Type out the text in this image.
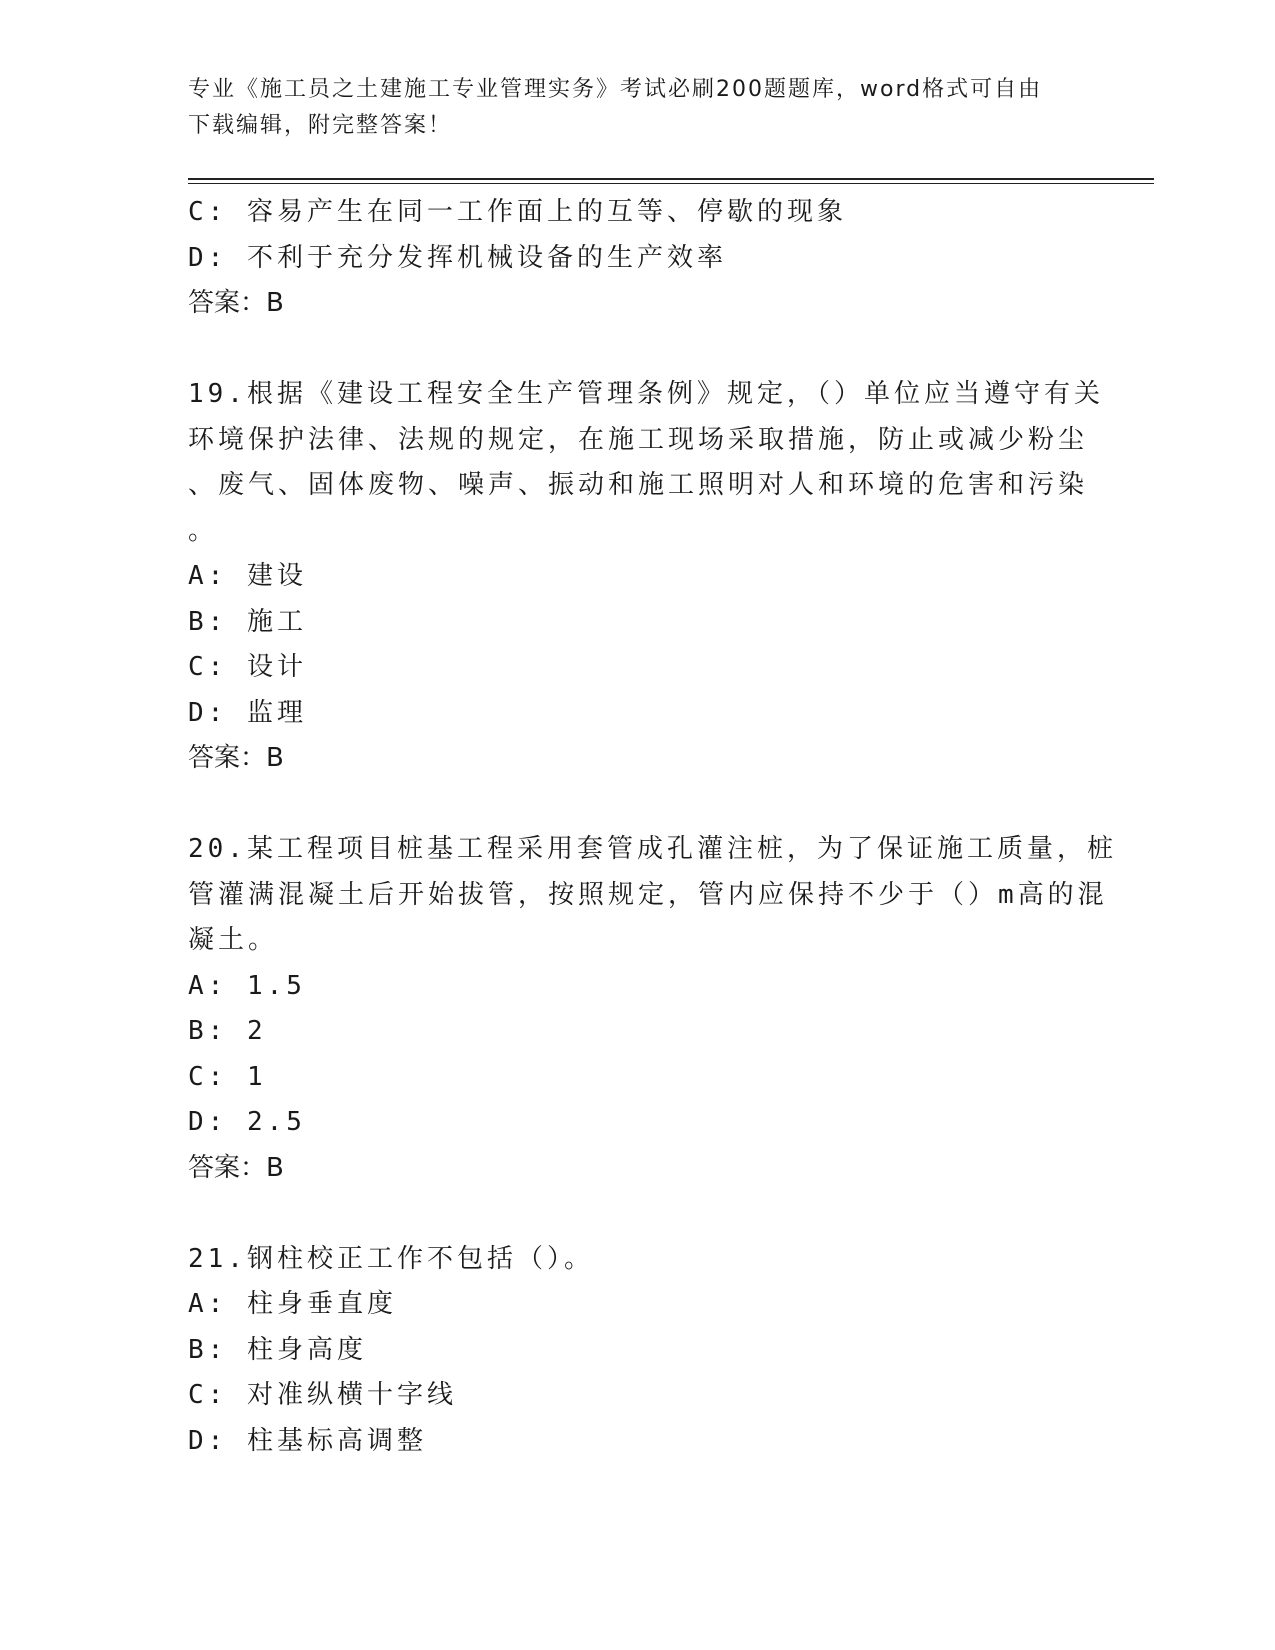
专业《施工员之土建施工专业管理实务》考试必刷200题题库，word格式可自由
下载编辑，附完整答案！
C: 容易产生在同一工作面上的互等、停歇的现象
D: 不利于充分发挥机械设备的生产效率
答案：B
19.根据《建设工程安全生产管理条例》规定，（）单位应当遵守有关
环境保护法律、法规的规定，在施工现场采取措施，防止或减少粉尘
、废气、固体废物、噪声、振动和施工照明对人和环境的危害和污染
。
A: 建设
B: 施工
C: 设计
D: 监理
答案：B
20.某工程项目桩基工程采用套管成孔灌注桩，为了保证施工质量，桩
管灌满混凝土后开始拔管，按照规定，管内应保持不少于（）m高的混
凝土。
A: 1.5
B: 2
C: 1
D: 2.5
答案：B
21.钢柱校正工作不包括（）。
A: 柱身垂直度
B: 柱身高度
C: 对准纵横十字线
D: 柱基标高调整
